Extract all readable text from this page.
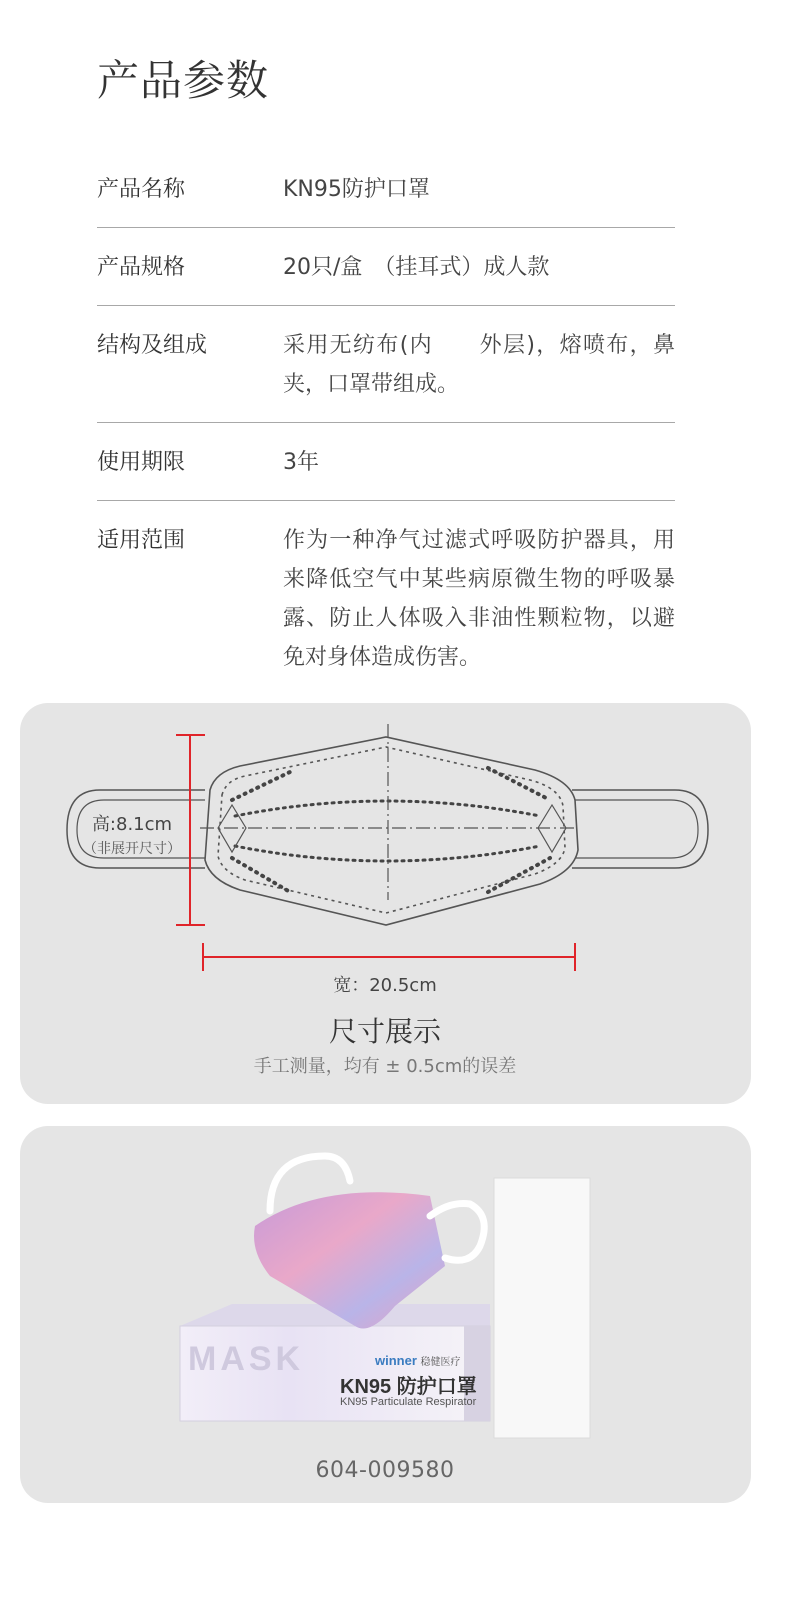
产品参数
产品名称	KN95防护口罩
产品规格	20只/盒　（挂耳式）成人款
结构及组成	采用无纺布(内　　外层)，熔喷布，鼻夹，口罩带组成。
使用期限	3年
适用范围	作为一种净气过滤式呼吸防护器具，用来降低空气中某些病原微生物的呼吸暴露、防止人体吸入非油性颗粒物，以避免对身体造成伤害。
高:8.1cm
（非展开尺寸）
宽：20.5cm
尺寸展示
手工测量，均有 ± 0.5cm的误差
winner 稳健医疗
KN95 防护口罩
KN95 Particulate Respirator
MASK
604-009580
